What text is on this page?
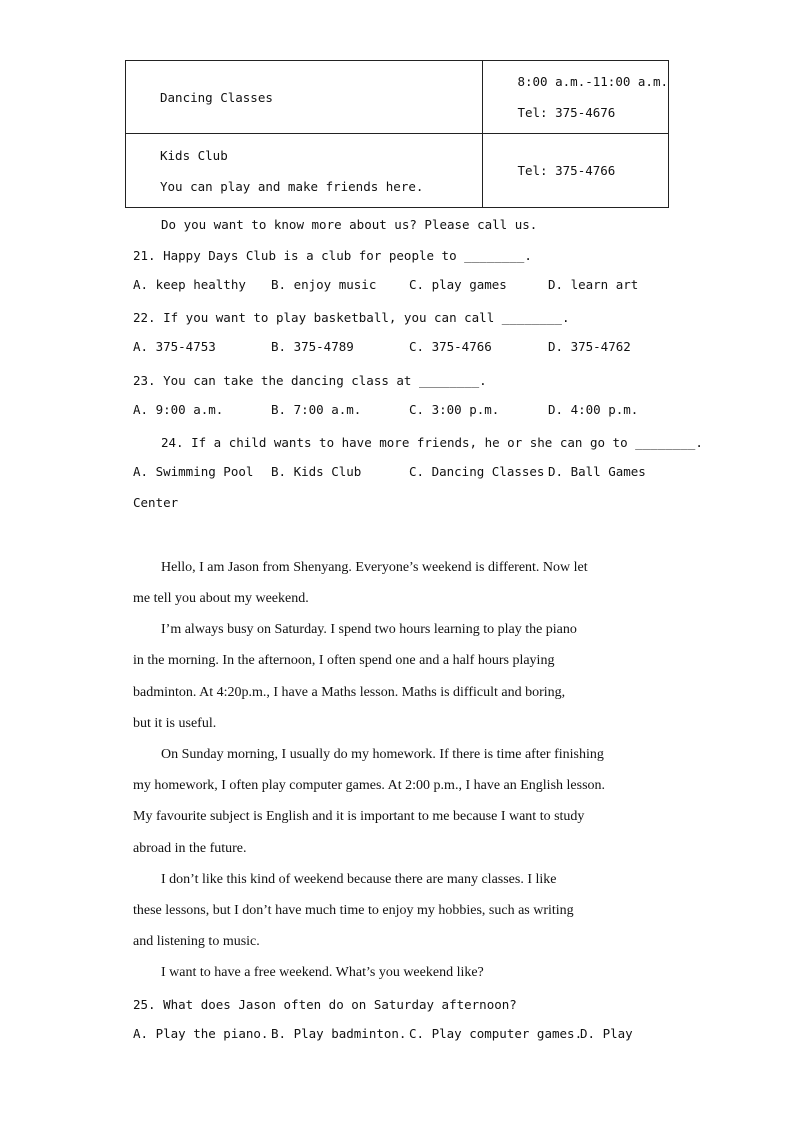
Dancing Classes	8:00 a.m.-11:00 a.m.
Tel: 375-4676

Kids Club
You can play and make friends here.	Tel: 375-4766
Do you want to know more about us? Please call us.
21. Happy Days Club is a club for people to ________.
A. keep healthy B. enjoy music	C. play games	D. learn art
22. If you want to play basketball, you can call ________.
A. 375-4753	B. 375-4789	C. 375-4766	D. 375-4762
23. You can take the dancing class at ________.
A. 9:00 a.m.	B. 7:00 a.m.	C. 3:00 p.m.	D. 4:00 p.m.
24. If a child wants to have more friends, he or she can go to ________.
A. Swimming Pool B. Kids Club	C. Dancing Classes D. Ball Games
Center
Hello, I am Jason from Shenyang. Everyone’s weekend is different. Now let
me tell you about my weekend.
I’m always busy on Saturday. I spend two hours learning to play the piano
in the morning. In the afternoon, I often spend one and a half hours playing
badminton. At 4:20p.m., I have a Maths lesson. Maths is difficult and boring,
but it is useful.
On Sunday morning, I usually do my homework. If there is time after finishing
my homework, I often play computer games. At 2:00 p.m., I have an English lesson.
My favourite subject is English and it is important to me because I want to study
abroad in the future.
I don’t like this kind of weekend because there are many classes. I like
these lessons, but I don’t have much time to enjoy my hobbies, such as writing
and listening to music.
I want to have a free weekend. What’s you weekend like?
25. What does Jason often do on Saturday afternoon?
A. Play the piano. B. Play badminton. C. Play computer games.
D. Play
